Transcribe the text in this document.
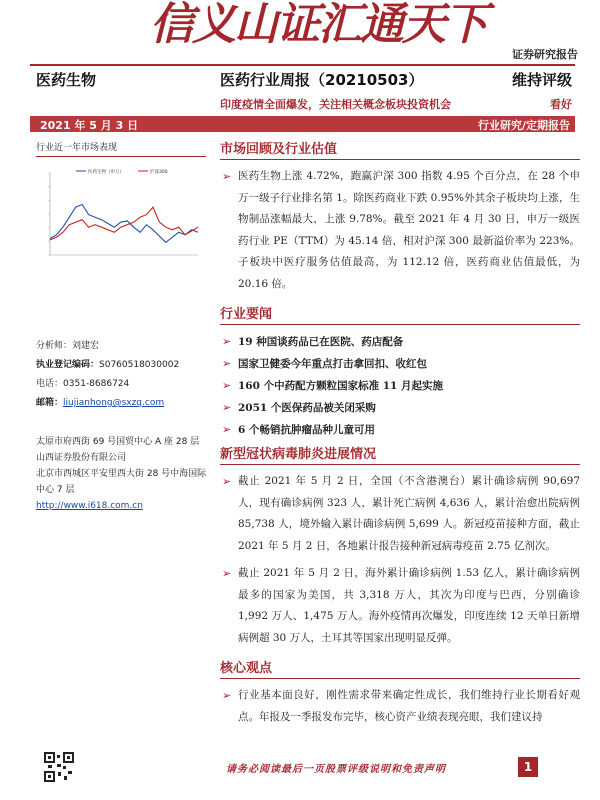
信义山证汇通天下
证券研究报告
医药生物	医药行业周报（20210503）	维持评级
印度疫情全面爆发，关注相关概念板块投资机会	看好
2021 年 5 月 3 日	行业研究/定期报告
行业近一年市场表现
医药生物（申万）	沪深300
分析师：刘建宏
执业登记编码：S0760518030002
电话：0351-8686724
邮箱：liujianhong@sxzq.com
太原市府西街 69 号国贸中心 A 座 28 层
山西证券股份有限公司
北京市西城区平安里西大街 28 号中海国际中心 7 层
http://www.i618.com.cn
市场回顾及行业估值
➢ 医药生物上涨 4.72%，跑赢沪深 300 指数 4.95 个百分点，在 28 个申万一级子行业排名第 1。除医药商业下跌 0.95%外其余子板块均上涨，生物制品涨幅最大，上涨 9.78%。截至 2021 年 4 月 30 日，申万一级医药行业 PE（TTM）为 45.14 倍，相对沪深 300 最新溢价率为 223%。子板块中医疗服务估值最高，为 112.12 倍，医药商业估值最低，为 20.16 倍。
行业要闻
➢ 19 种国谈药品已在医院、药店配备
➢ 国家卫健委今年重点打击拿回扣、收红包
➢ 160 个中药配方颗粒国家标准 11 月起实施
➢ 2051 个医保药品被关闭采购
➢ 6 个畅销抗肿瘤品种儿童可用
新型冠状病毒肺炎进展情况
➢ 截止 2021 年 5 月 2 日，全国（不含港澳台）累计确诊病例 90,697 人，现有确诊病例 323 人，累计死亡病例 4,636 人，累计治愈出院病例 85,738 人，境外输入累计确诊病例 5,699 人。新冠疫苗接种方面，截止 2021 年 5 月 2 日，各地累计报告接种新冠病毒疫苗 2.75 亿剂次。
➢ 截止 2021 年 5 月 2 日，海外累计确诊病例 1.53 亿人，累计确诊病例最多的国家为美国，共 3,318 万人，其次为印度与巴西，分别确诊 1,992 万人、1,475 万人。海外疫情再次爆发，印度连续 12 天单日新增病例超 30 万人，土耳其等国家出现明显反弹。
核心观点
➢ 行业基本面良好，刚性需求带来确定性成长，我们维持行业长期看好观点。年报及一季报发布完毕，核心资产业绩表现亮眼，我们建议持
请务必阅读最后一页股票评级说明和免责声明	1
